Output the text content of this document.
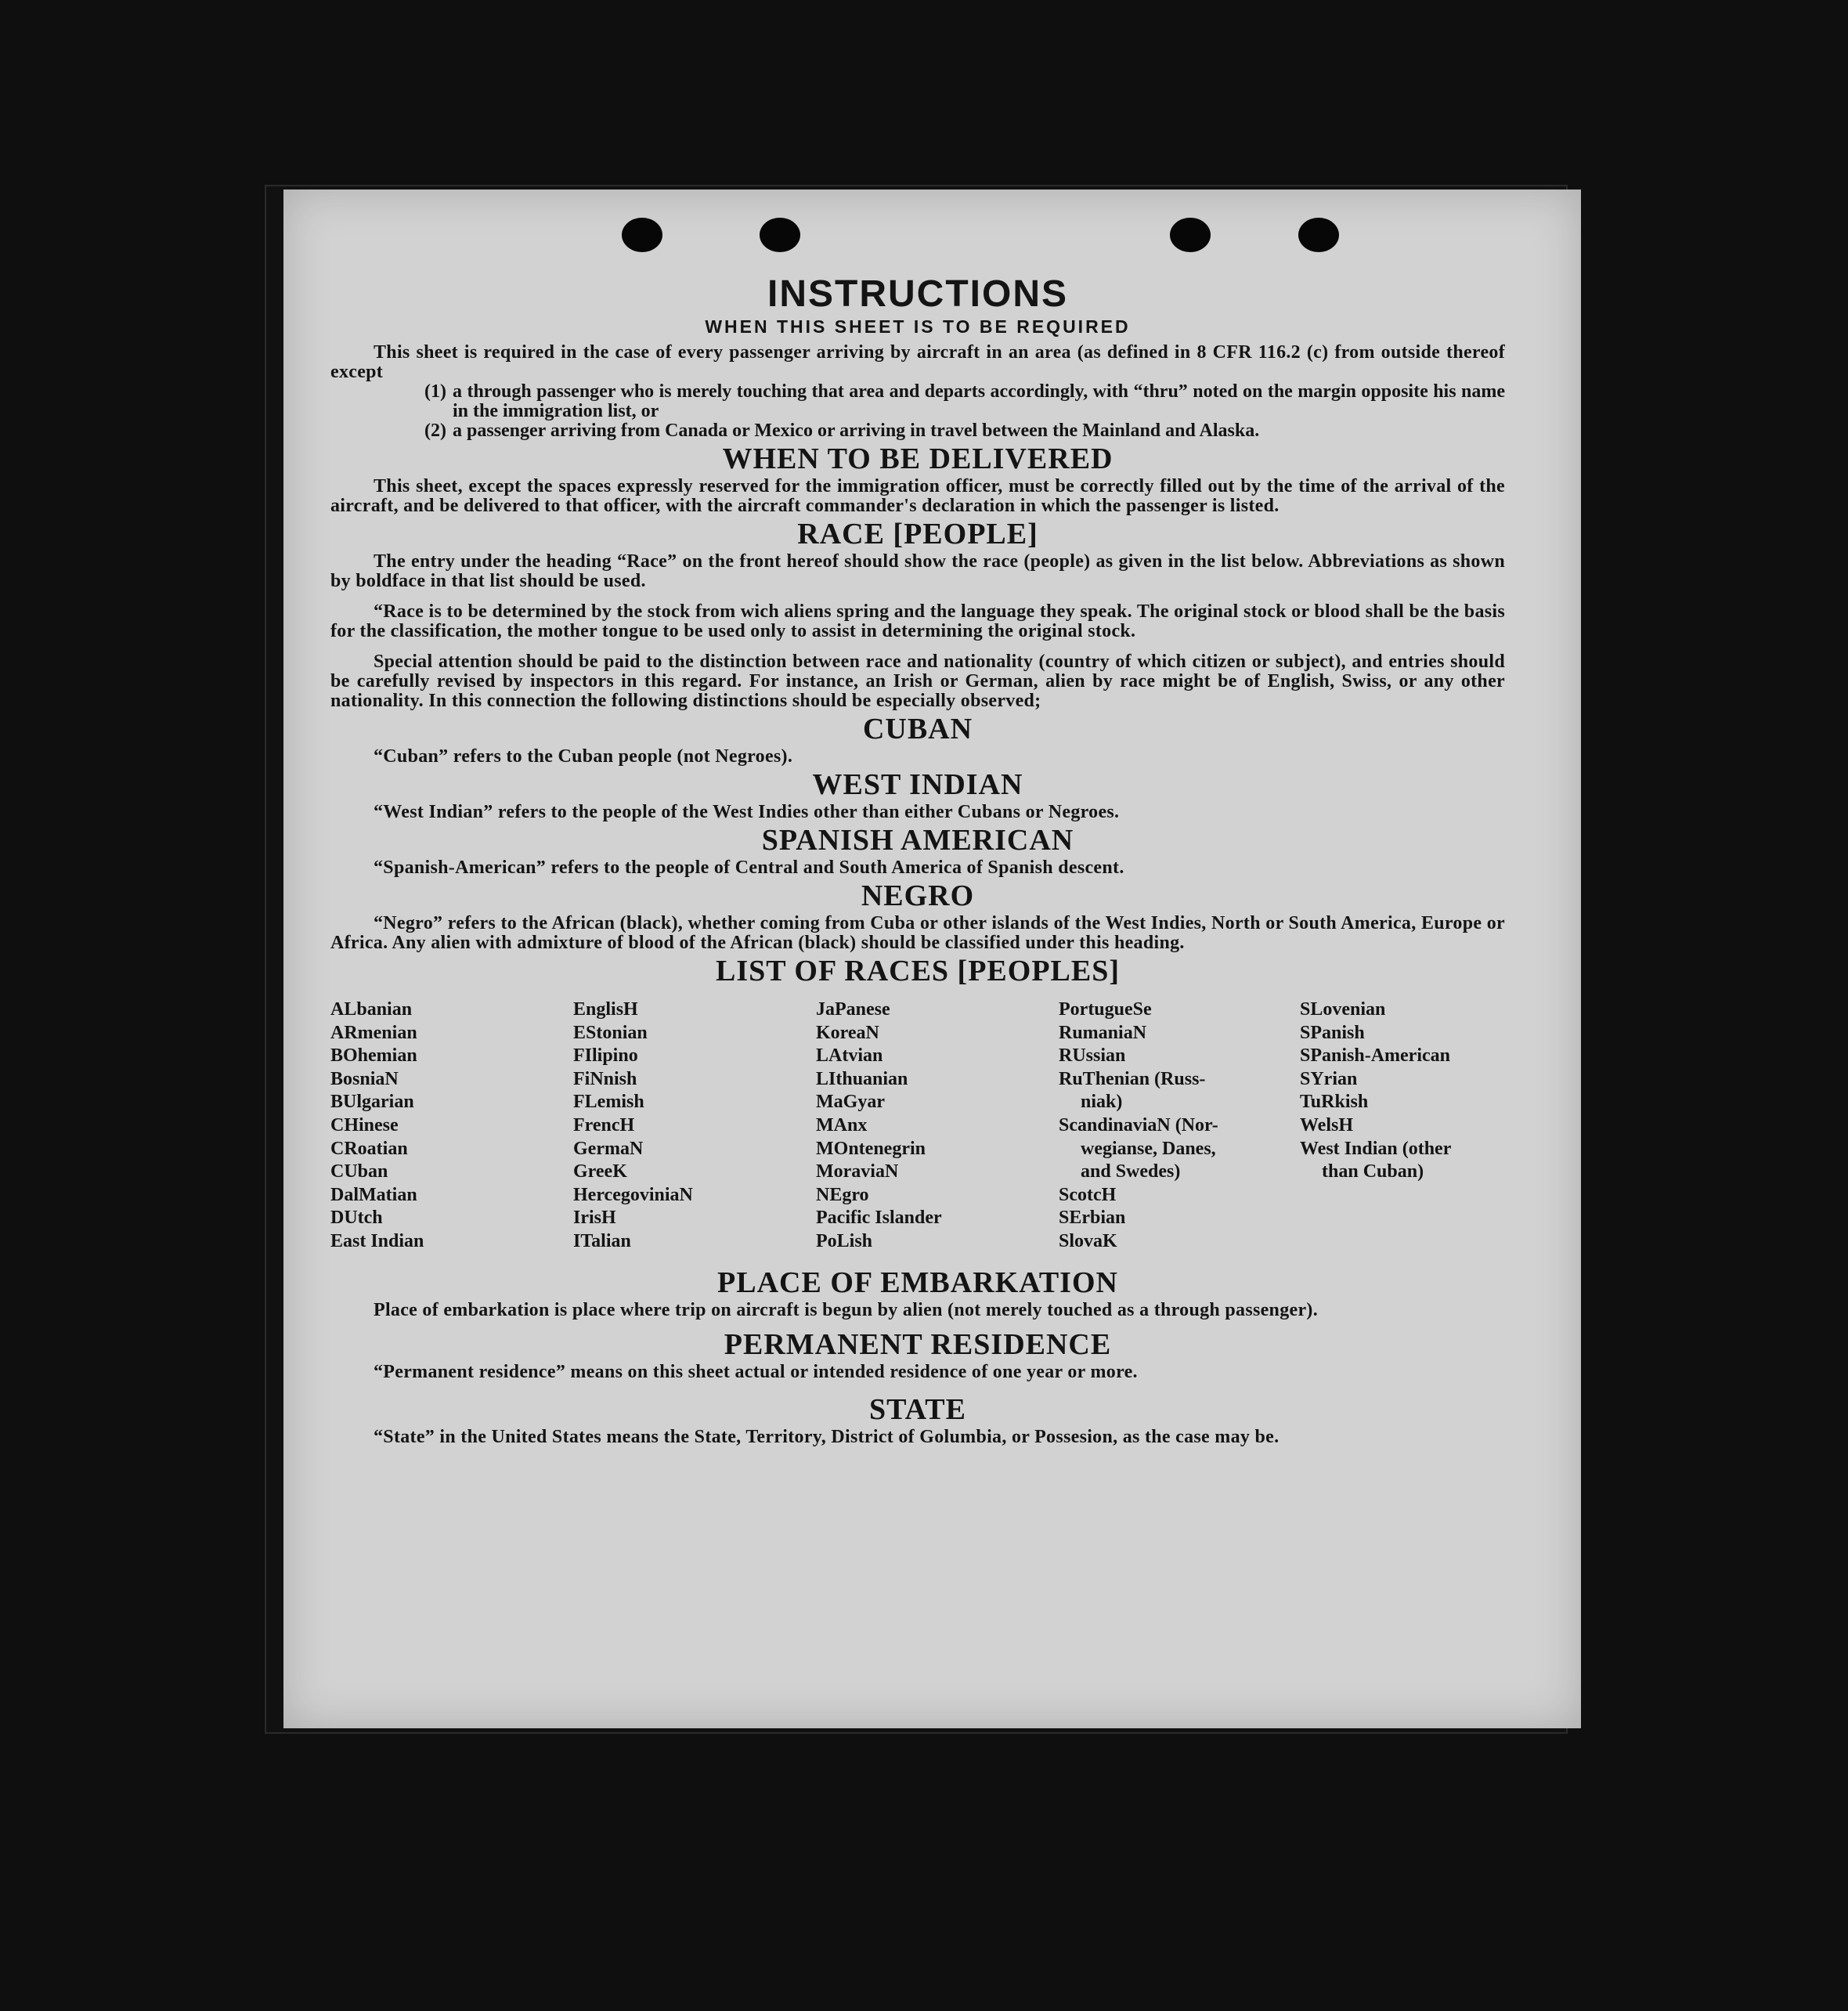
INSTRUCTIONS
WHEN THIS SHEET IS TO BE REQUIRED

This sheet is required in the case of every passenger arriving by aircraft in an area (as defined in 8 CFR 116.2 (c) from outside thereof except

(1) a through passenger who is merely touching that area and departs accordingly, with “thru” noted on the margin opposite his name in the immigration list, or
(2) a passenger arriving from Canada or Mexico or arriving in travel between the Mainland and Alaska.
WHEN TO BE DELIVERED

This sheet, except the spaces expressly reserved for the immigration officer, must be correctly filled out by the time of the arrival of the aircraft, and be delivered to that officer, with the aircraft commander's declaration in which the passenger is listed.

RACE [PEOPLE]

The entry under the heading “Race” on the front hereof should show the race (people) as given in the list below. Abbreviations as shown by boldface in that list should be used.

“Race is to be determined by the stock from wich aliens spring and the language they speak. The original stock or blood shall be the basis for the classification, the mother tongue to be used only to assist in determining the original stock.

Special attention should be paid to the distinction between race and nationality (country of which citizen or subject), and entries should be carefully revised by inspectors in this regard. For instance, an Irish or German, alien by race might be of English, Swiss, or any other nationality. In this connection the following distinctions should be especially observed;

CUBAN

“Cuban” refers to the Cuban people (not Negroes).

WEST INDIAN

“West Indian” refers to the people of the West Indies other than either Cubans or Negroes.

SPANISH AMERICAN

“Spanish-American” refers to the people of Central and South America of Spanish descent.

NEGRO

“Negro” refers to the African (black), whether coming from Cuba or other islands of the West Indies, North or South America, Europe or Africa. Any alien with admixture of blood of the African (black) should be classified under this heading.

LIST OF RACES [PEOPLES]
ALbanian
ARmenian
BOhemian
BosniaN
BUlgarian
CHinese
CRoatian
CUban
DalMatian
DUtch
East Indian
EnglisH
EStonian
FIlipino
FiNnish
FLemish
FrencH
GermaN
GreeK
HercegoviniaN
IrisH
ITalian
JaPanese
KoreaN
LAtvian
LIthuanian
MaGyar
MAnx
MOntenegrin
MoraviaN
NEgro
Pacific Islander
PoLish
PortugueSe
RumaniaN
RUssian
RuThenian (Russ-
niak)
ScandinaviaN (Nor-
wegianse, Danes,
and Swedes)
ScotcH
SErbian
SlovaK
SLovenian
SPanish
SPanish-American
SYrian
TuRkish
WelsH
West Indian (other
than Cuban)
PLACE OF EMBARKATION

Place of embarkation is place where trip on aircraft is begun by alien (not merely touched as a through passenger).

PERMANENT RESIDENCE

“Permanent residence” means on this sheet actual or intended residence of one year or more.

STATE

“State” in the United States means the State, Territory, District of Golumbia, or Possesion, as the case may be.
